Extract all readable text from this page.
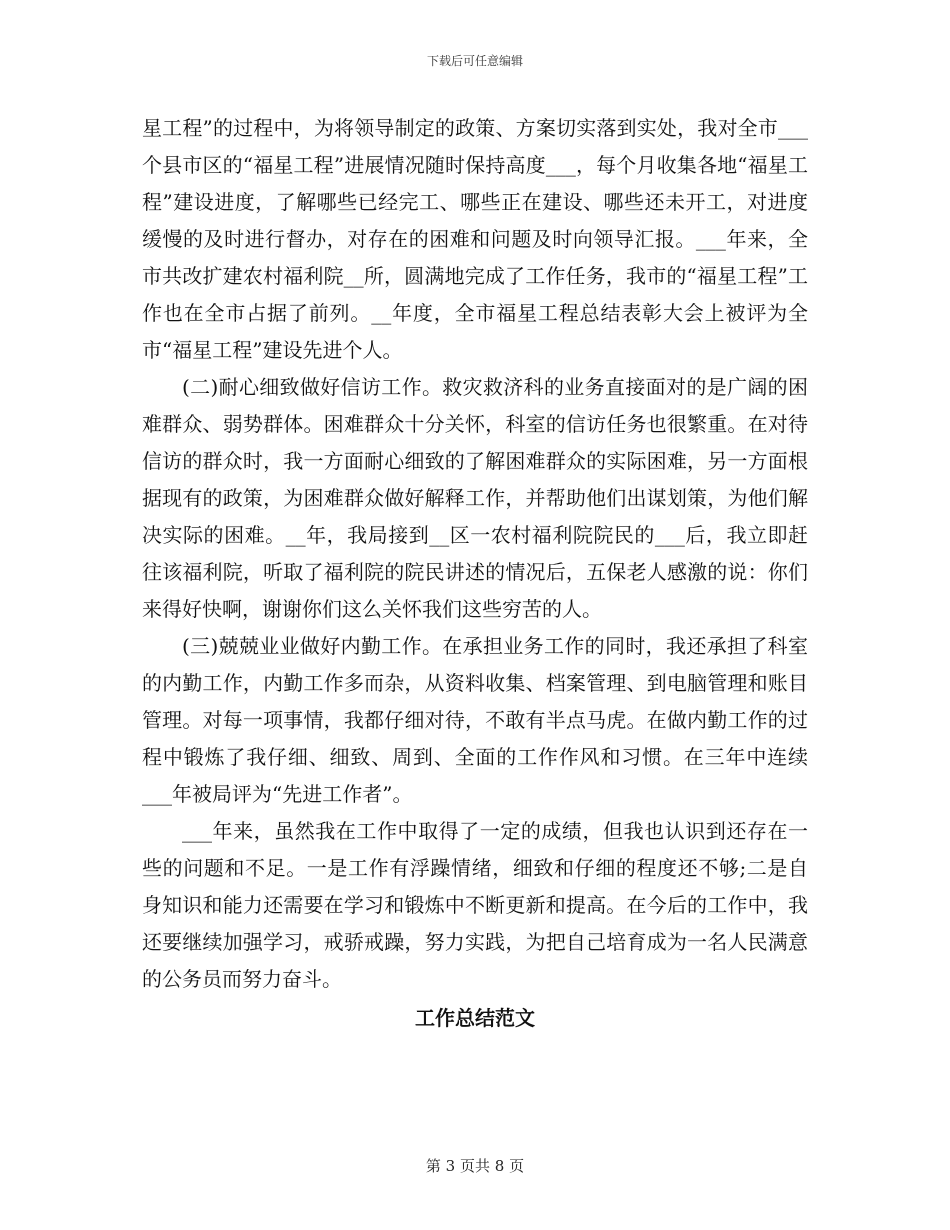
下载后可任意编辑

星工程”的过程中，为将领导制定的政策、方案切实落到实处，我对全市___个县市区的“福星工程”进展情况随时保持高度___，每个月收集各地“福星工程”建设进度，了解哪些已经完工、哪些正在建设、哪些还未开工，对进度缓慢的及时进行督办，对存在的困难和问题及时向领导汇报。___年来，全市共改扩建农村福利院__所，圆满地完成了工作任务，我市的“福星工程”工作也在全市占据了前列。__年度，全市福星工程总结表彰大会上被评为全市“福星工程”建设先进个人。

(二)耐心细致做好信访工作。救灾救济科的业务直接面对的是广阔的困难群众、弱势群体。困难群众十分关怀，科室的信访任务也很繁重。在对待信访的群众时，我一方面耐心细致的了解困难群众的实际困难，另一方面根据现有的政策，为困难群众做好解释工作，并帮助他们出谋划策，为他们解决实际的困难。__年，我局接到__区一农村福利院院民的___后，我立即赶往该福利院，听取了福利院的院民讲述的情况后，五保老人感激的说：你们来得好快啊，谢谢你们这么关怀我们这些穷苦的人。

(三)兢兢业业做好内勤工作。在承担业务工作的同时，我还承担了科室的内勤工作，内勤工作多而杂，从资料收集、档案管理、到电脑管理和账目管理。对每一项事情，我都仔细对待，不敢有半点马虎。在做内勤工作的过程中锻炼了我仔细、细致、周到、全面的工作作风和习惯。在三年中连续___年被局评为“先进工作者”。

___年来，虽然我在工作中取得了一定的成绩，但我也认识到还存在一些的问题和不足。一是工作有浮躁情绪，细致和仔细的程度还不够;二是自身知识和能力还需要在学习和锻炼中不断更新和提高。在今后的工作中，我还要继续加强学习，戒骄戒躁，努力实践，为把自己培育成为一名人民满意的公务员而努力奋斗。

工作总结范文
第 3 页共 8 页
